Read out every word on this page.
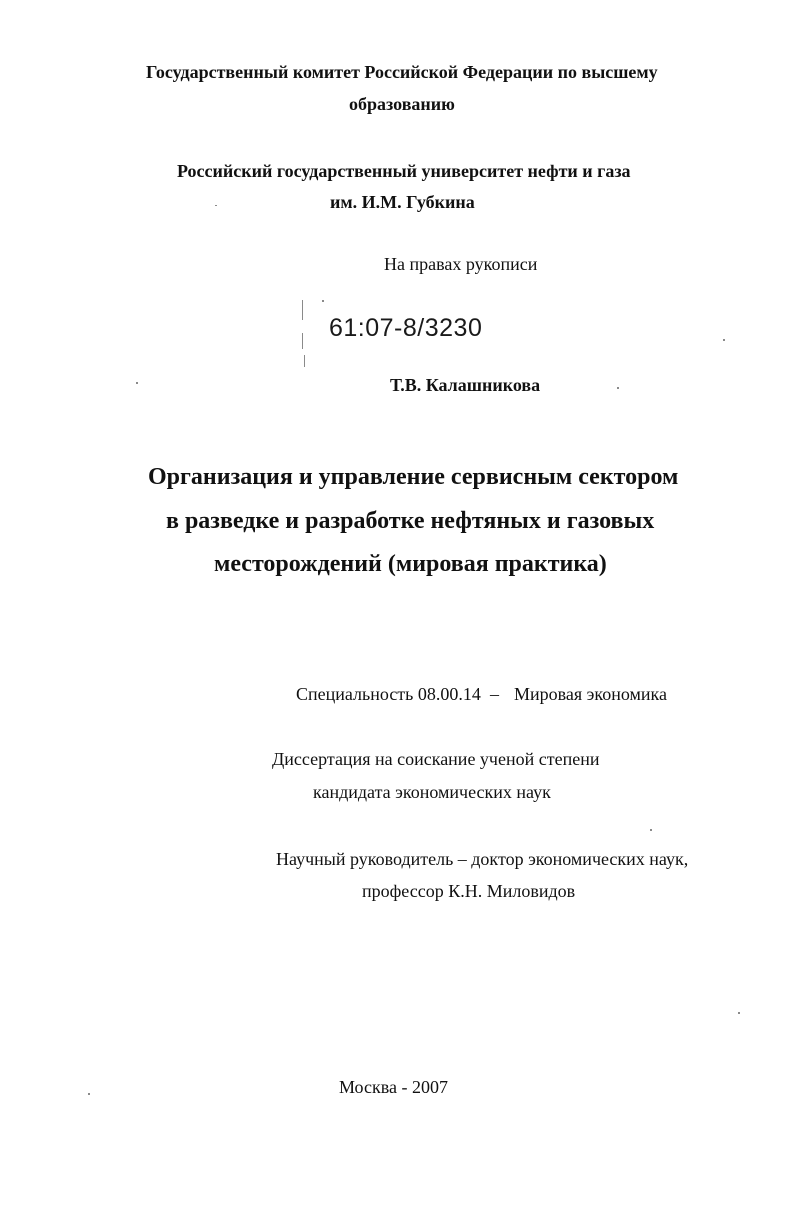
Государственный комитет Российской Федерации по высшему
образованию
Российский государственный университет нефти и газа
им. И.М. Губкина
На правах рукописи
61:07-8/3230
Т.В. Калашникова
Организация и управление сервисным сектором
в разведке и разработке нефтяных и газовых
месторождений (мировая практика)
Специальность 08.00.14 – Мировая экономика
Диссертация на соискание ученой степени
кандидата экономических наук
Научный руководитель – доктор экономических наук,
профессор К.Н. Миловидов
Москва - 2007
